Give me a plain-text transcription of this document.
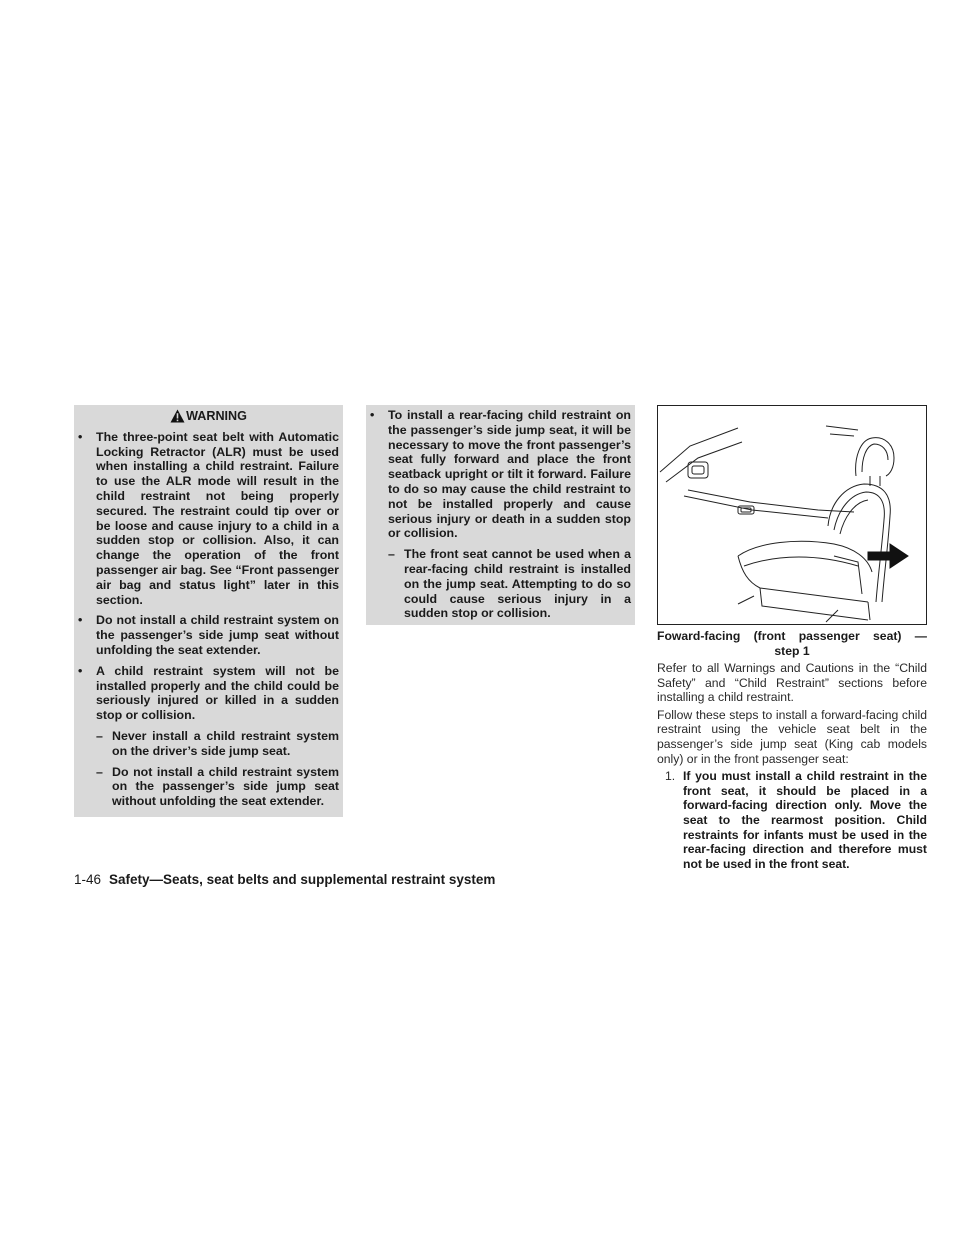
WARNING
•	The three-point seat belt with Automatic Locking Retractor (ALR) must be used when installing a child restraint. Failure to use the ALR mode will result in the child restraint not being properly secured. The restraint could tip over or be loose and cause injury to a child in a sudden stop or collision. Also, it can change the operation of the front passenger air bag. See “Front passenger air bag and status light” later in this section.
•	Do not install a child restraint system on the passenger’s side jump seat without unfolding the seat extender.
•	A child restraint system will not be installed properly and the child could be seriously injured or killed in a sudden stop or collision.
– Never install a child restraint system on the driver’s side jump seat.
– Do not install a child restraint system on the passenger’s side jump seat without unfolding the seat extender.
•	To install a rear-facing child restraint on the passenger’s side jump seat, it will be necessary to move the front passenger’s seat fully forward and place the front seatback upright or tilt it forward. Failure to do so may cause the child restraint to not be installed properly and cause serious injury or death in a sudden stop or collision.
– The front seat cannot be used when a rear-facing child restraint is installed on the jump seat. Attempting to do so could cause serious injury in a sudden stop or collision.
Foward-facing (front passenger seat) —
step 1

Refer to all Warnings and Cautions in the “Child Safety” and “Child Restraint” sections before installing a child restraint.

Follow these steps to install a forward-facing child restraint using the vehicle seat belt in the passenger’s side jump seat (King cab models only) or in the front passenger seat:

1. If you must install a child restraint in the front seat, it should be placed in a forward-facing direction only. Move the seat to the rearmost position. Child restraints for infants must be used in the rear-facing direction and therefore must not be used in the front seat.
1-46 Safety—Seats, seat belts and supplemental restraint system
